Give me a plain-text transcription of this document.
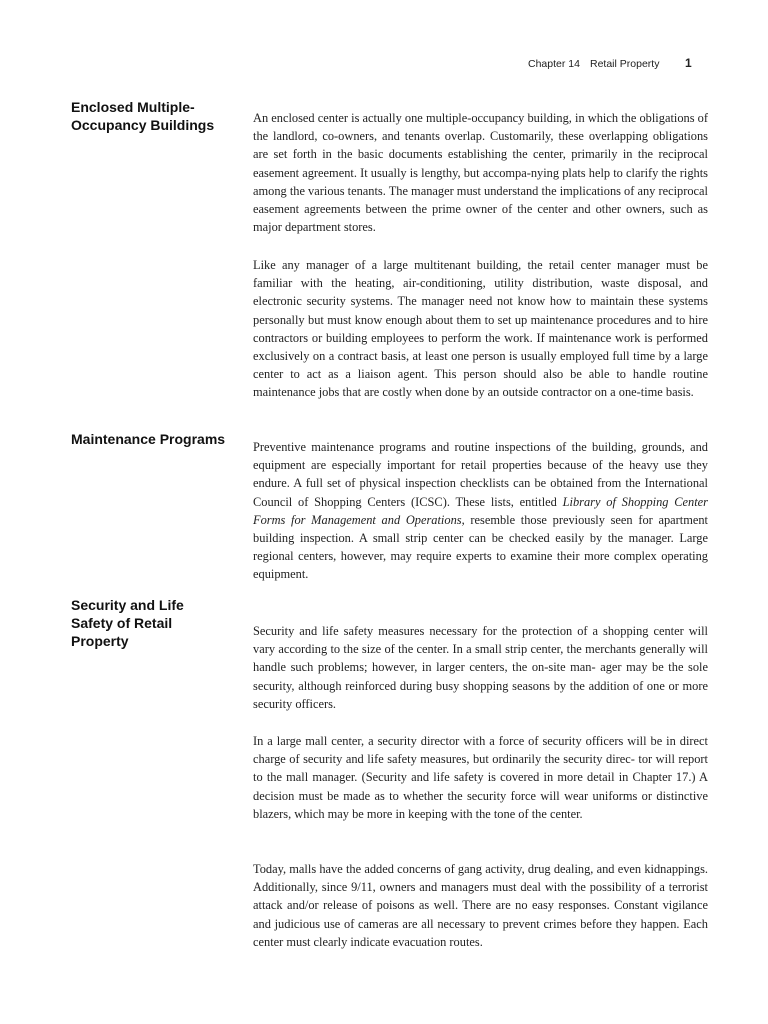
Chapter 14 Retail Property 1
Enclosed Multiple-Occupancy Buildings
Maintenance Programs
Security and Life Safety of Retail Property

An enclosed center is actually one multiple-occupancy building, in which the obligations of the landlord, co-owners, and tenants overlap. Customarily, these overlapping obligations are set forth in the basic documents establishing the center, primarily in the reciprocal easement agreement. It usually is lengthy, but accompa-nying plats help to clarify the rights among the various tenants. The manager must understand the implications of any reciprocal easement agreements between the prime owner of the center and other owners, such as major department stores.

Like any manager of a large multitenant building, the retail center manager must be familiar with the heating, air-conditioning, utility distribution, waste disposal, and electronic security systems. The manager need not know how to maintain these systems personally but must know enough about them to set up maintenance procedures and to hire contractors or building employees to perform the work. If maintenance work is performed exclusively on a contract basis, at least one person is usually employed full time by a large center to act as a liaison agent. This person should also be able to handle routine maintenance jobs that are costly when done by an outside contractor on a one-time basis.

Preventive maintenance programs and routine inspections of the building, grounds, and equipment are especially important for retail properties because of the heavy use they endure. A full set of physical inspection checklists can be obtained from the International Council of Shopping Centers (ICSC). These lists, entitled Library of Shopping Center Forms for Management and Operations, resemble those previously seen for apartment building inspection. A small strip center can be checked easily by the manager. Large regional centers, however, may require experts to examine their more complex operating equipment.

Security and life safety measures necessary for the protection of a shopping center will vary according to the size of the center. In a small strip center, the merchants generally will handle such problems; however, in larger centers, the on-site man- ager may be the sole security, although reinforced during busy shopping seasons by the addition of one or more security officers.

In a large mall center, a security director with a force of security officers will be in direct charge of security and life safety measures, but ordinarily the security direc- tor will report to the mall manager. (Security and life safety is covered in more detail in Chapter 17.) A decision must be made as to whether the security force will wear uniforms or distinctive blazers, which may be more in keeping with the tone of the center.

Today, malls have the added concerns of gang activity, drug dealing, and even kidnappings. Additionally, since 9/11, owners and managers must deal with the possibility of a terrorist attack and/or release of poisons as well. There are no easy responses. Constant vigilance and judicious use of cameras are all necessary to prevent crimes before they happen. Each center must clearly indicate evacuation routes.
